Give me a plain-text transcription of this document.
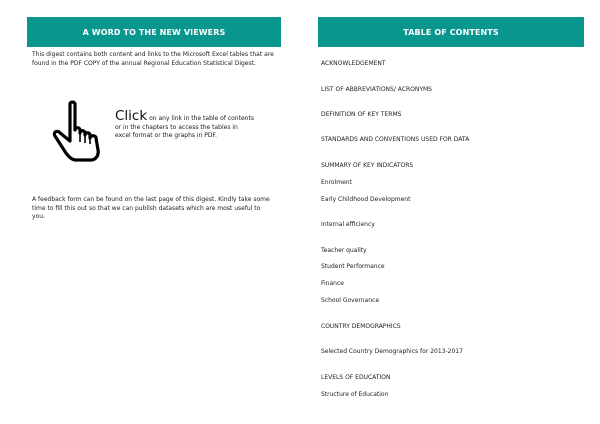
A WORD TO THE NEW VIEWERS	TABLE OF CONTENTS
This digest contains both content and links to the Microsoft Excel tables that are found in the PDF COPY of the annual Regional Education Statistical Digest.
Click on any link in the table of contents or in the chapters to access the tables in excel format or the graphs in PDF.
A feedback form can be found on the last page of this digest. Kindly take some time to fill this out so that we can publish datasets which are most useful to you.
ACKNOWLEDGEMENT
LIST OF ABBREVIATIONS/ ACRONYMS
DEFINITION OF KEY TERMS
STANDARDS AND CONVENTIONS USED FOR DATA
SUMMARY OF KEY INDICATORS
Enrolment
Early Childhood Development
Internal efficiency
Teacher quality
Student Performance
Finance
School Governance
COUNTRY DEMOGRAPHICS
Selected Country Demographics for 2013-2017
LEVELS OF EDUCATION
Structure of Education
